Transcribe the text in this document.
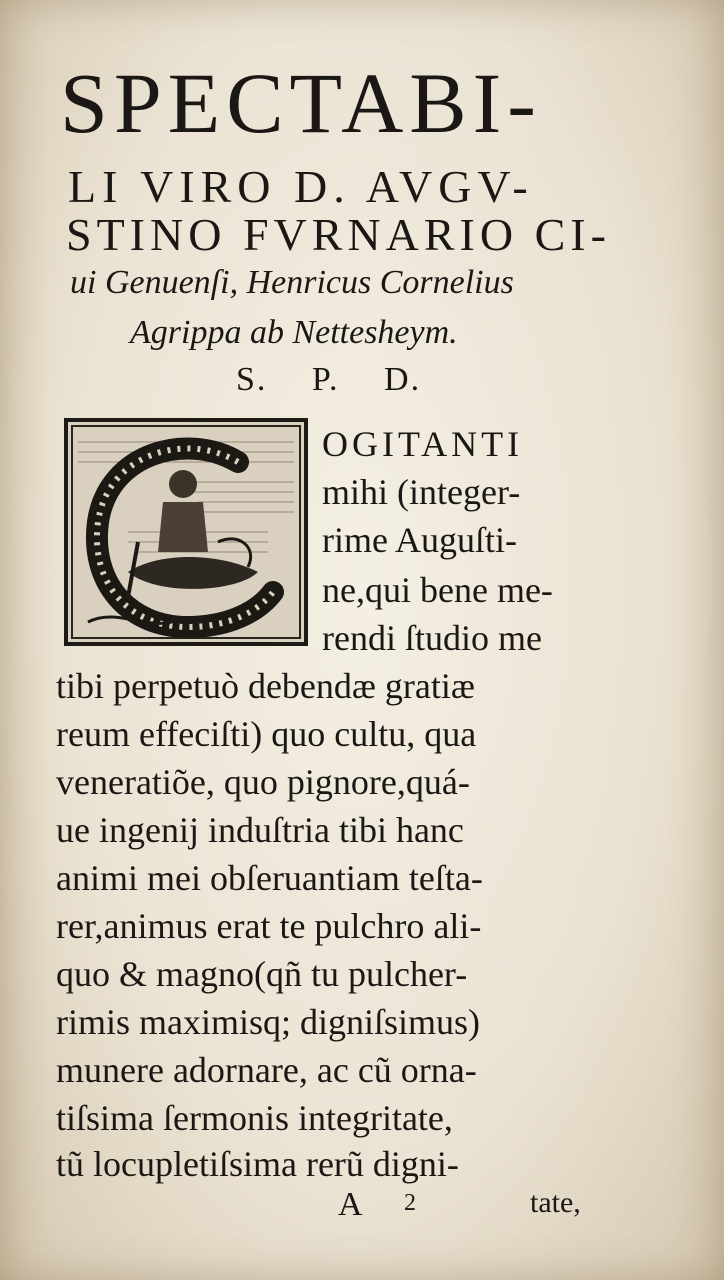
SPECTABI-
LI VIRO D. AVGV-
STINO FVRNARIO CI-
ui Genuenſi, Henricus Cornelius
Agrippa ab Nettesheym.
S. P. D.
OGITANTI
mihi (integer-
rime Auguſti-
ne,qui bene me-
rendi ſtudio me
tibi perpetuò debendæ gratiæ
reum effeciſti) quo cultu, qua
veneratiõe, quo pignore,quá-
ue ingenij induſtria tibi hanc
animi mei obſeruantiam teſta-
rer,animus erat te pulchro ali-
quo & magno(qñ tu pulcher-
rimis maximisq; digniſsimus)
munere adornare, ac cũ orna-
tiſsima ſermonis integritate,
tũ locupletiſsima rerũ digni-
A 2	tate,
